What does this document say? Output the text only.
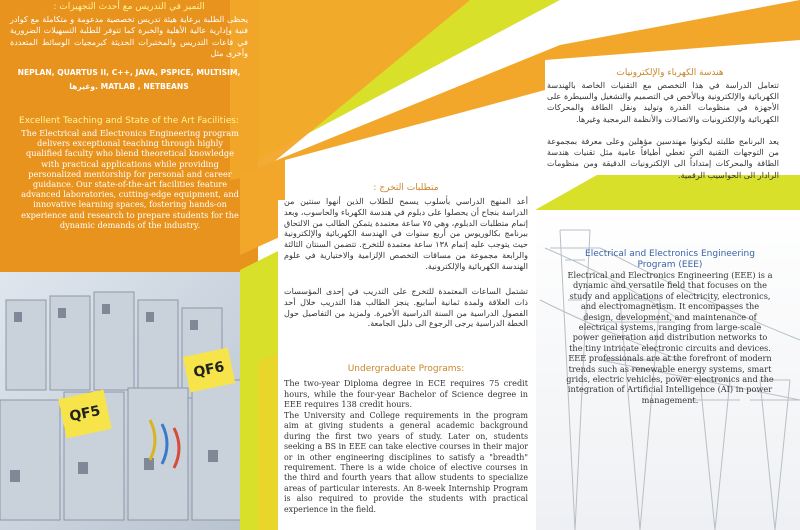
التميز في التدريس مع أحدث التجهيزات :
يحظى الطلبة برعاية هيئة تدريس تخصصية مدعومة و متكاملة مع كوادر فنية وإدارية عالية الأهلية والخبرة كما تتوفر للطلبة التسهيلات الضرورية في قاعات التدريس والمختبرات الحديثة كبرمجيات الوسائط المتعددة وأخرى مثل
NEPLAN, QUARTUS II, C++, JAVA, PSPICE, MULTISIM,
وغيرها. MATLAB , NETBEANS
Excellent Teaching and State of the Art Facilities:
The Electrical and Electronics Engineering program delivers exceptional teaching through highly qualified faculty who blend theoretical knowledge with practical applications while providing personalized mentorship for personal and career guidance. Our state-of-the-art facilities feature advanced laboratories, cutting-edge equipment, and innovative learning spaces, fostering hands-on experience and research to prepare students for the dynamic demands of the industry.
QF5
QF6
متطلبات التخرج :
أعد المنهج الدراسي بأسلوب يسمح للطلاب الذين أنهوا سنتين من الدراسة بنجاح أن يحصلوا على دبلوم في هندسة الكهرباء والحاسوب، وبعد إتمام متطلبات الدبلوم، وهي ٧٥ ساعة معتمدة يتمكن الطالب من الالتحاق ببرنامج بكالوريوس من أربع سنوات في الهندسة الكهربائية والإلكترونية حيث يتوجب عليه إتمام ١٣٨ ساعة معتمدة للتخرج. تتضمن السنتان الثالثة والرابعة مجموعة من مساقات التخصص الإلزامية والاختيارية في علوم الهندسة الكهربائية والإلكترونية.
تشتمل الساعات المعتمدة للتخرج على التدريب في إحدى المؤسسات ذات العلاقة ولمدة ثمانية أسابيع. ينجز الطالب هذا التدريب خلال أحد الفصول الدراسية من السنة الدراسية الأخيرة. ولمزيد من التفاصيل حول الخطة الدراسية يرجى الرجوع الى دليل الجامعة.
Undergraduate Programs:
The two-year Diploma degree in ECE requires 75 credit hours, while the four-year Bachelor of Science degree in EEE requires 138 credit hours.
The University and College requirements in the program aim at giving students a general academic background during the first two years of study. Later on, students seeking a BS in EEE can take elective courses in their major or in other engineering disciplines to satisfy a "breadth" requirement. There is a wide choice of elective courses in the third and fourth years that allow students to specialize areas of particular interests. An 8-week Internship Program is also required to provide the students with practical experience in the field.
هندسة الكهرباء والإلكترونيات
تتعامل الدراسة في هذا التخصص مع التقنيات الخاصة بالهندسة الكهربائية والإلكترونية وبالأخص في التصميم والتشغيل والسيطرة على الأجهزة في منظومات القدرة وتوليد ونقل الطاقة والمحركات الكهربائية والإلكترونيات والاتصالات والأنظمة البرمجية وغيرها.
يعد البرنامج طلبته ليكونوا مهندسين مؤهلين وعلى معرفة بمجموعة من التوجهات التقنية التي تغطي أطيافاً عامية مثل تقنيات هندسة الطاقة والمحركات إمتداداً الى الإلكترونيات الدقيقة ومن منظومات الرادار الى الحواسيب الرقمية.
Electrical and Electronics Engineering Program (EEE)
Electrical and Electronics Engineering (EEE) is a dynamic and versatile field that focuses on the study and applications of electricity, electronics, and electromagnetism. It encompasses the design, development, and maintenance of electrical systems, ranging from large-scale power generation and distribution networks to the tiny intricate electronic circuits and devices. EEE professionals are at the forefront of modern trends such as renewable energy systems, smart grids, electric vehicles, power electronics and the integration of Artificial Intelligence (AI) in power management.
